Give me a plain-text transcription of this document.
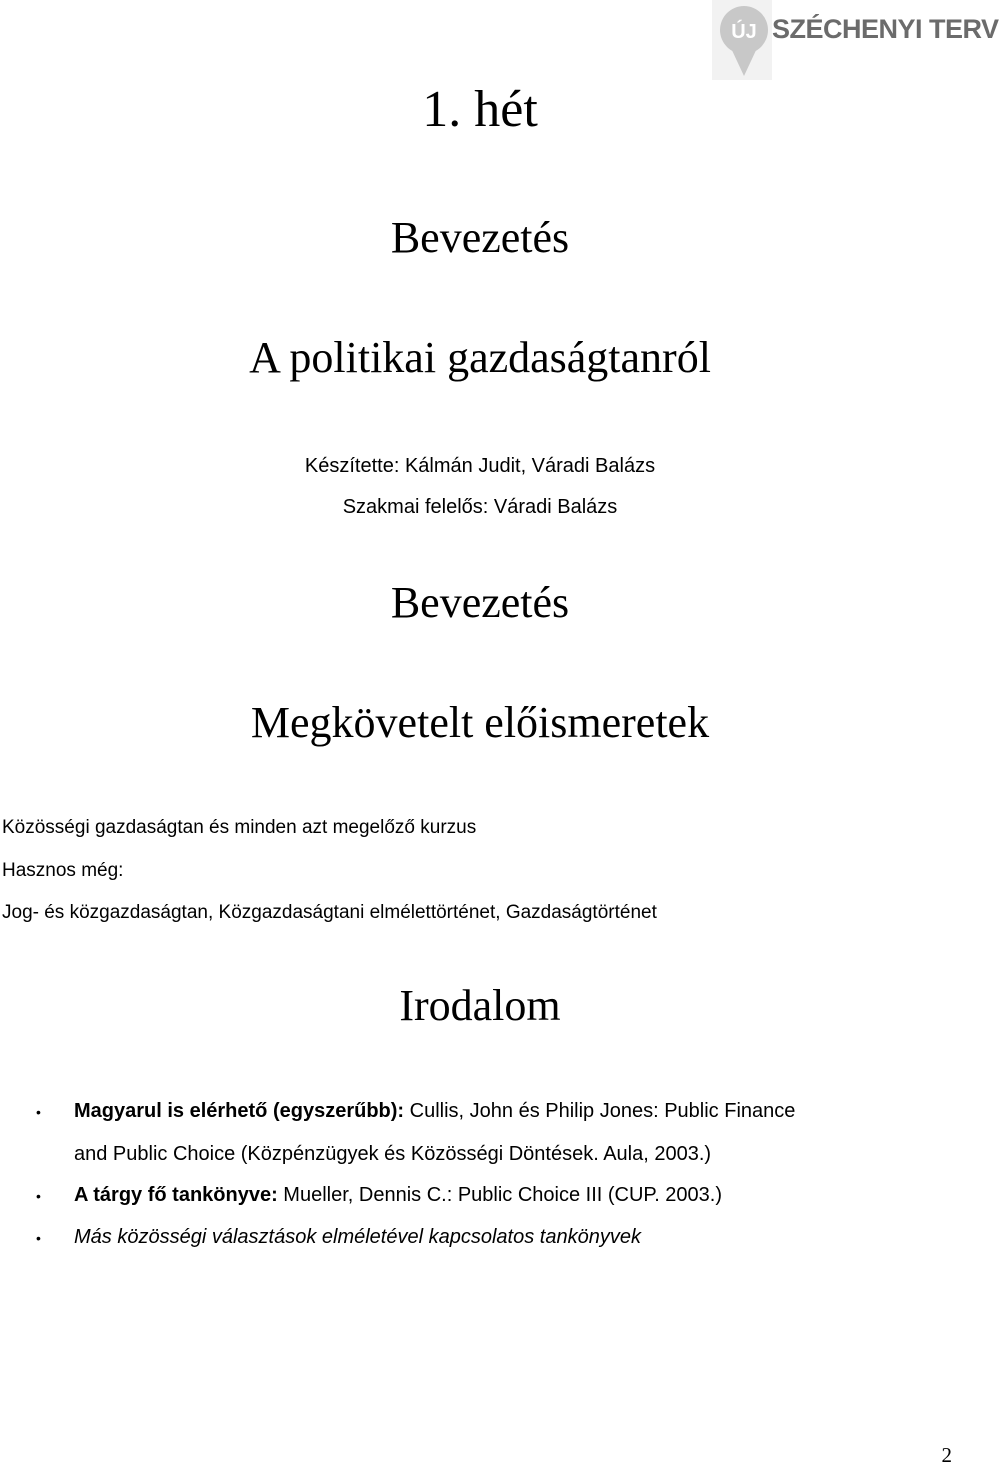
ÚJ SZÉCHENYI TERV
1. hét
Bevezetés
A politikai gazdaságtanról
Készítette: Kálmán Judit, Váradi Balázs
Szakmai felelős: Váradi Balázs
Bevezetés
Megkövetelt előismeretek
Közösségi gazdaságtan és minden azt megelőző kurzus
Hasznos még:
Jog- és közgazdaságtan, Közgazdaságtani elmélettörténet, Gazdaságtörténet
Irodalom
• Magyarul is elérhető (egyszerűbb): Cullis, John és Philip Jones: Public Finance
and Public Choice (Közpénzügyek és Közösségi Döntések. Aula, 2003.)
• A tárgy fő tankönyve: Mueller, Dennis C.: Public Choice III (CUP. 2003.)
• Más közösségi választások elméletével kapcsolatos tankönyvek
2
